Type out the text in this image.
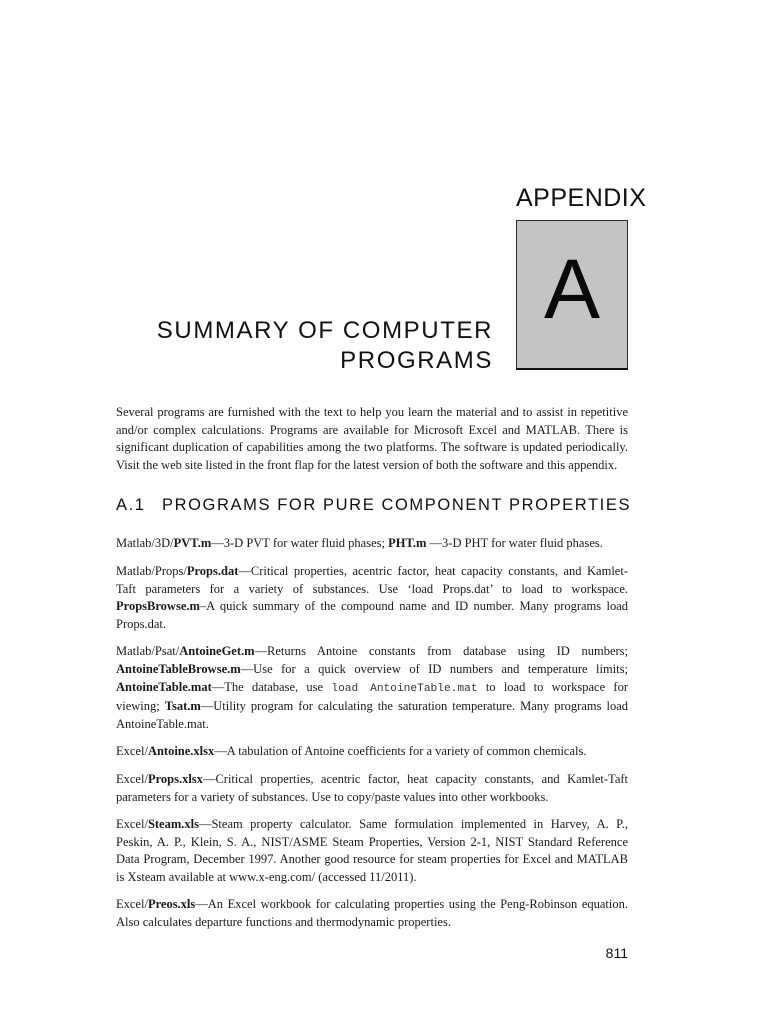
APPENDIX
A
SUMMARY OF COMPUTER
PROGRAMS

Several programs are furnished with the text to help you learn the material and to assist in repetitive and/or complex calculations. Programs are available for Microsoft Excel and MATLAB. There is significant duplication of capabilities among the two platforms. The software is updated periodically. Visit the web site listed in the front flap for the latest version of both the software and this appendix.

A.1 PROGRAMS FOR PURE COMPONENT PROPERTIES

Matlab/3D/PVT.m—3-D PVT for water fluid phases; PHT.m —3-D PHT for water fluid phases.

Matlab/Props/Props.dat—Critical properties, acentric factor, heat capacity constants, and Kamlet-Taft parameters for a variety of substances. Use ‘load Props.dat’ to load to workspace. PropsBrowse.m–A quick summary of the compound name and ID number. Many programs load Props.dat.

Matlab/Psat/AntoineGet.m—Returns Antoine constants from database using ID numbers; AntoineTableBrowse.m—Use for a quick overview of ID numbers and temperature limits; AntoineTable.mat—The database, use load AntoineTable.mat to load to workspace for viewing; Tsat.m—Utility program for calculating the saturation temperature. Many programs load AntoineTable.mat.

Excel/Antoine.xlsx—A tabulation of Antoine coefficients for a variety of common chemicals.

Excel/Props.xlsx—Critical properties, acentric factor, heat capacity constants, and Kamlet-Taft parameters for a variety of substances. Use to copy/paste values into other workbooks.

Excel/Steam.xls—Steam property calculator. Same formulation implemented in Harvey, A. P., Peskin, A. P., Klein, S. A., NIST/ASME Steam Properties, Version 2-1, NIST Standard Reference Data Program, December 1997. Another good resource for steam properties for Excel and MATLAB is Xsteam available at www.x-eng.com/ (accessed 11/2011).

Excel/Preos.xls—An Excel workbook for calculating properties using the Peng-Robinson equation. Also calculates departure functions and thermodynamic properties.

811
